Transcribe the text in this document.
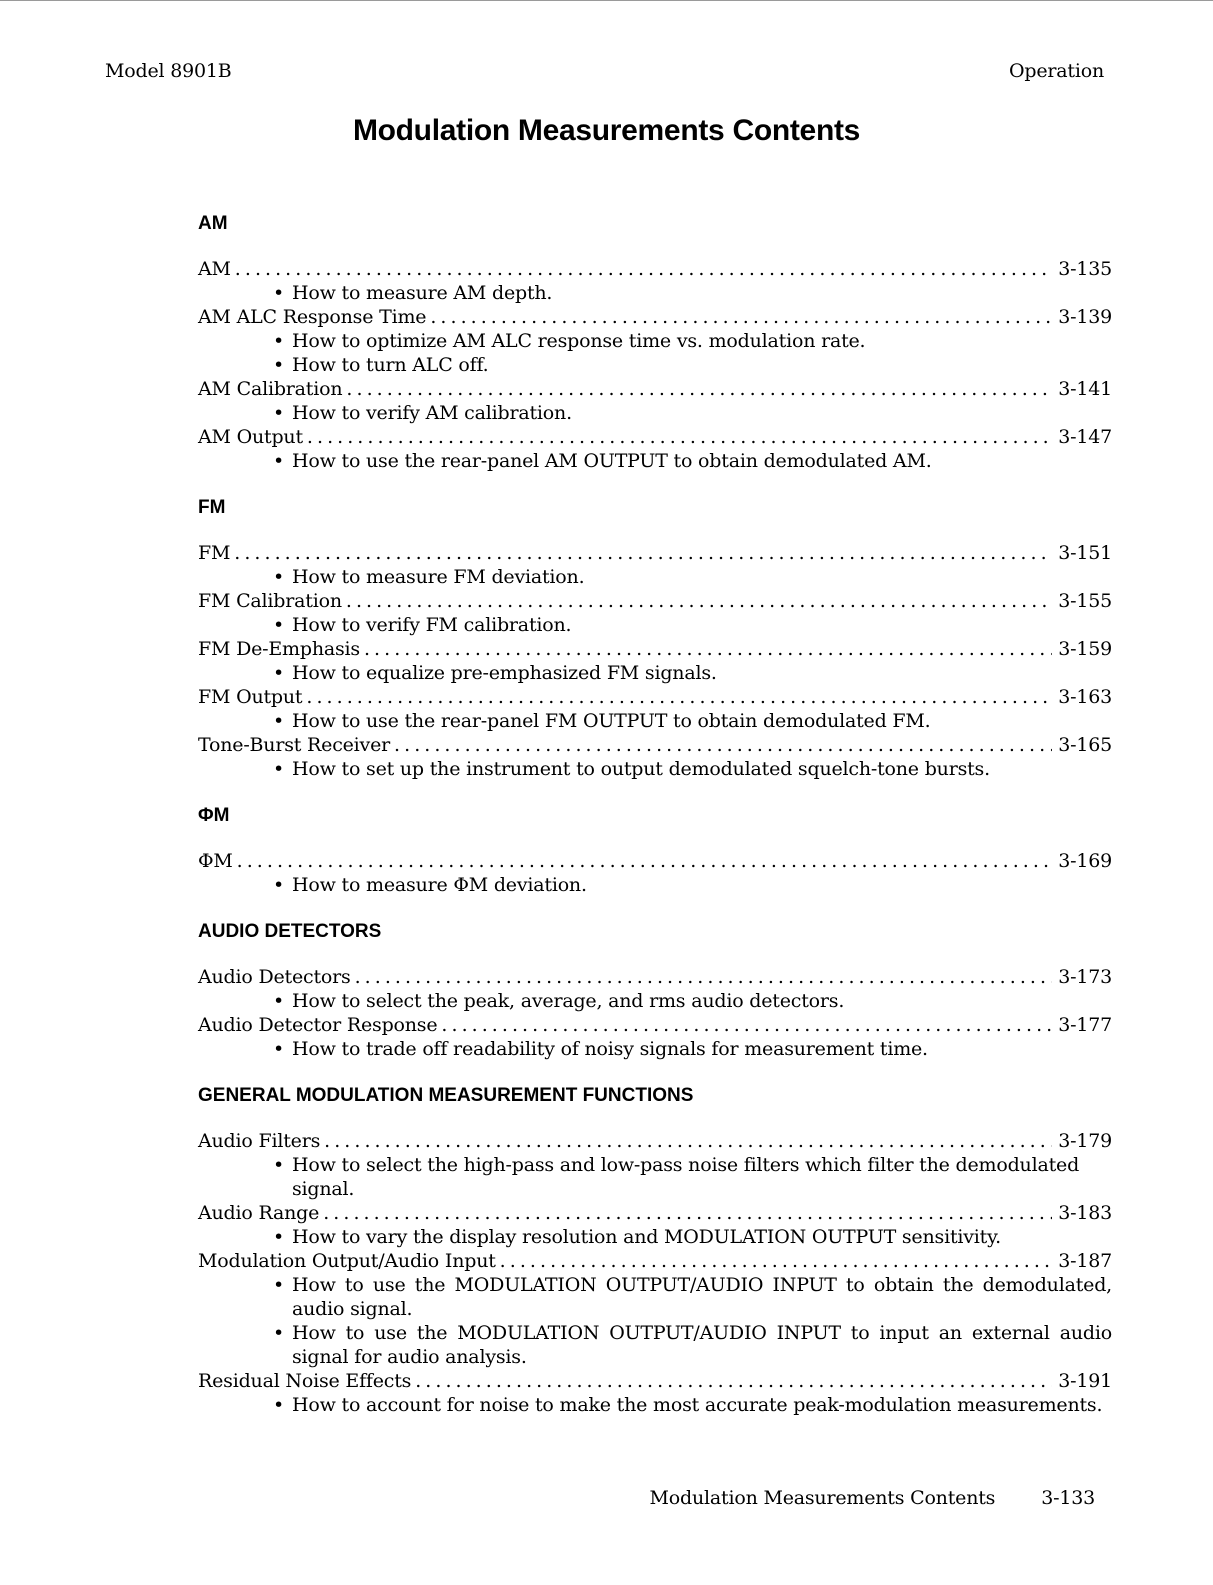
Model 8901B	Operation
Modulation Measurements Contents
AM
AM . . .	3-135
• How to measure AM depth.
AM ALC Response Time . . .	3-139
• How to optimize AM ALC response time vs. modulation rate.
• How to turn ALC off.
AM Calibration . . .	3-141
• How to verify AM calibration.
AM Output . . .	3-147
• How to use the rear-panel AM OUTPUT to obtain demodulated AM.
FM
FM . . .	3-151
• How to measure FM deviation.
FM Calibration . . .	3-155
• How to verify FM calibration.
FM De-Emphasis . . .	3-159
• How to equalize pre-emphasized FM signals.
FM Output . . .	3-163
• How to use the rear-panel FM OUTPUT to obtain demodulated FM.
Tone-Burst Receiver . . .	3-165
• How to set up the instrument to output demodulated squelch-tone bursts.
ΦM
ΦM . . .	3-169
• How to measure ΦM deviation.
AUDIO DETECTORS
Audio Detectors . . .	3-173
• How to select the peak, average, and rms audio detectors.
Audio Detector Response . . .	3-177
• How to trade off readability of noisy signals for measurement time.
GENERAL MODULATION MEASUREMENT FUNCTIONS
Audio Filters . . .	3-179
• How to select the high-pass and low-pass noise filters which filter the demodulated signal.
Audio Range . . .	3-183
• How to vary the display resolution and MODULATION OUTPUT sensitivity.
Modulation Output/Audio Input . . .	3-187
• How to use the MODULATION OUTPUT/AUDIO INPUT to obtain the demodulated, audio signal.
• How to use the MODULATION OUTPUT/AUDIO INPUT to input an external audio signal for audio analysis.
Residual Noise Effects . . .	3-191
• How to account for noise to make the most accurate peak-modulation measurements.
Modulation Measurements Contents 3-133
